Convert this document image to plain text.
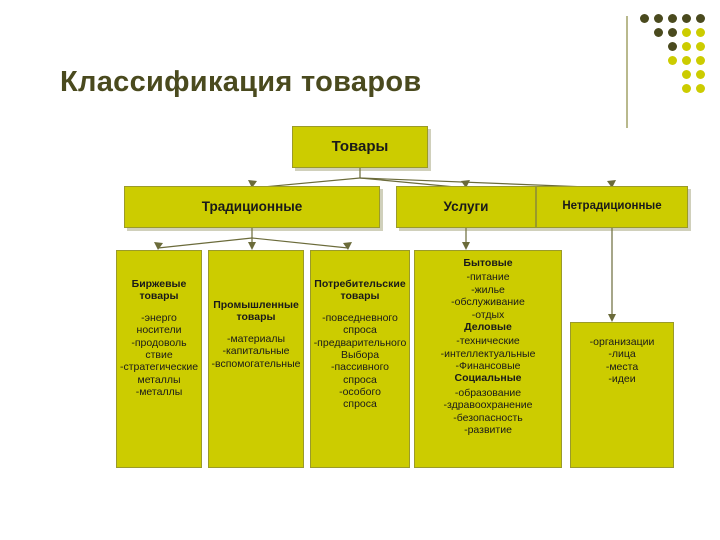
Классификация товаров
Товары
Традиционные	Услуги	Нетрадиционные
Биржевые товары
-энерго
носители
-продоволь
ствие
-стратегические
металлы
-металлы
Промышленные товары
-материалы
-капитальные
-вспомогательные
Потребительские товары
-повседневного
спроса
-предварительного
Выбора
-пассивного
спроса
-особого
спроса
Бытовые
-питание
-жилье
-обслуживание
-отдых
Деловые
-технические
-интеллектуальные
-Финансовые
Социальные
-образование
-здравоохранение
-безопасность
-развитие
-организации
-лица
-места
-идеи
